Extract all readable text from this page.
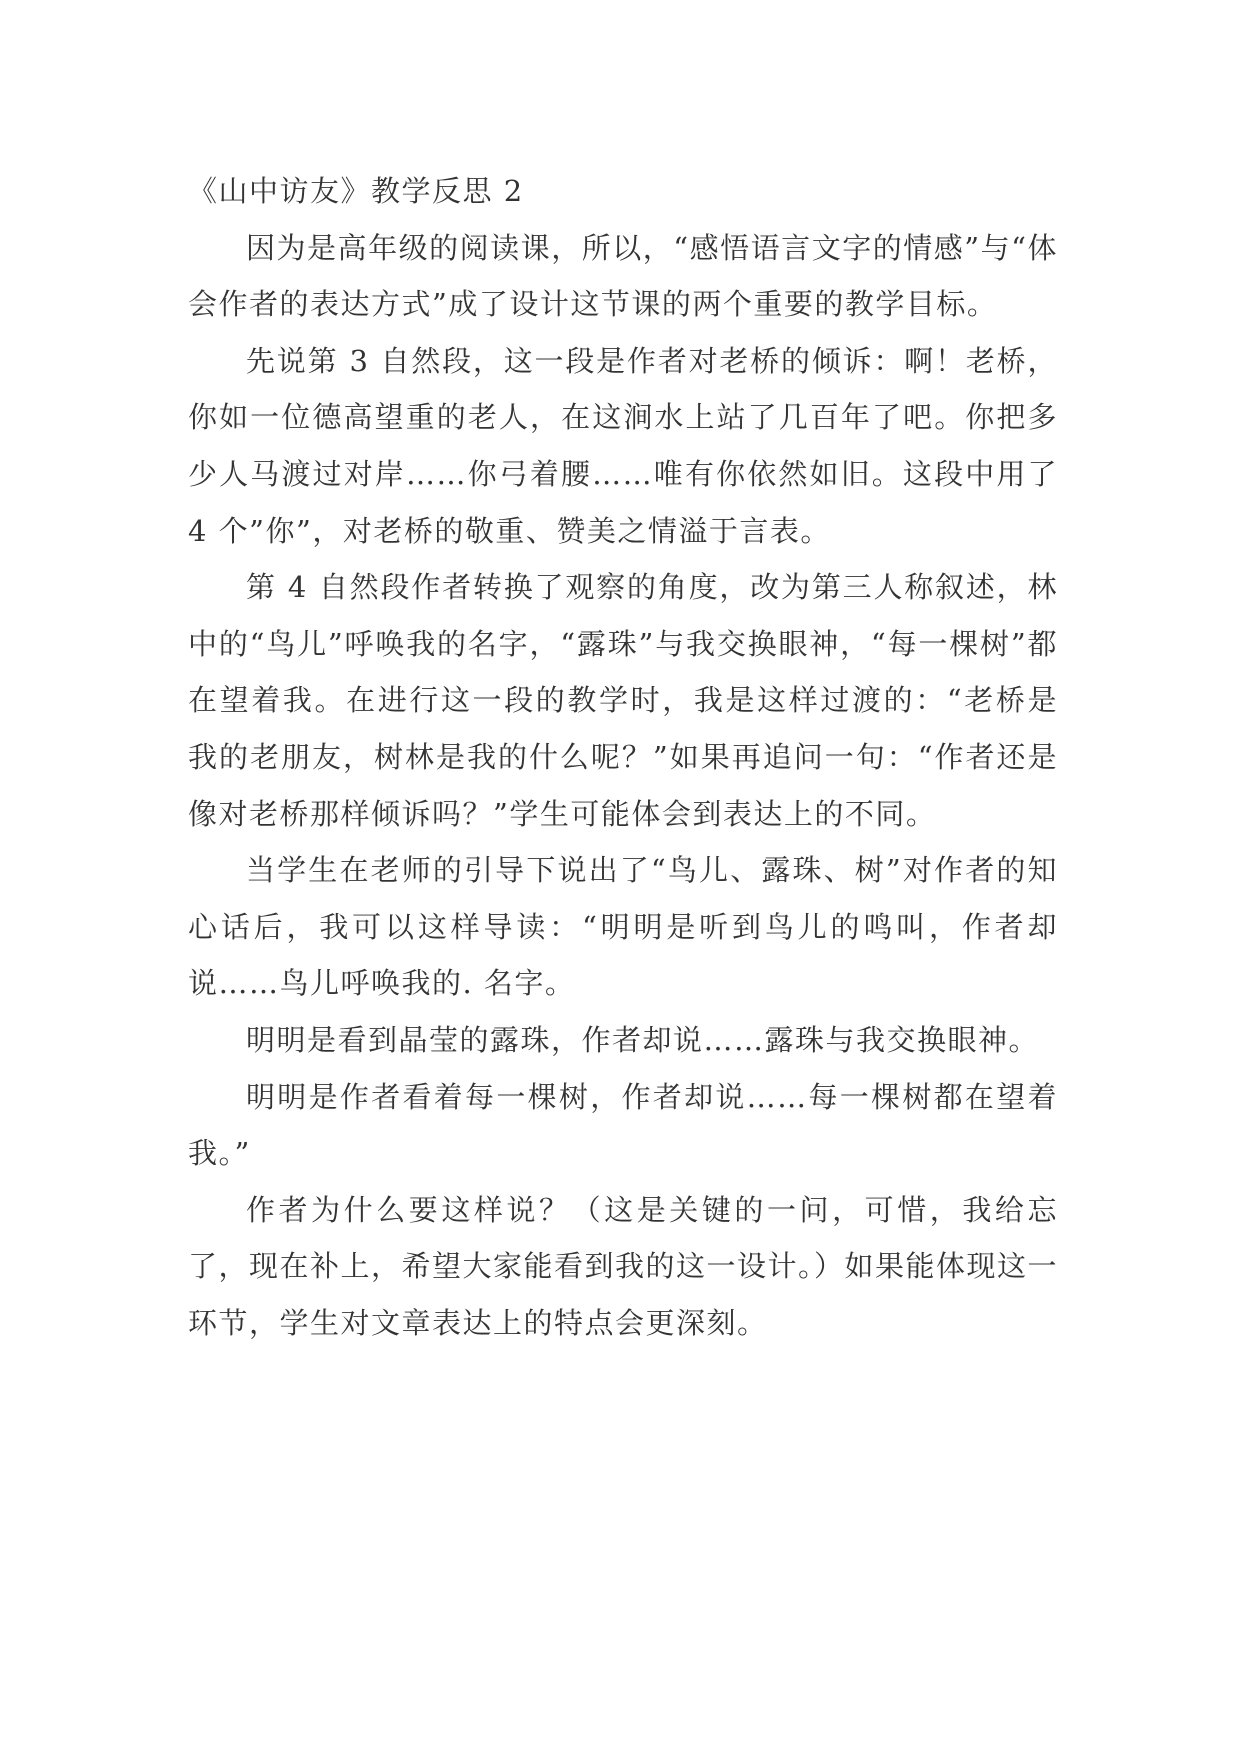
《山中访友》教学反思 2

因为是高年级的阅读课，所以，“感悟语言文字的情感”与“体会作者的表达方式”成了设计这节课的两个重要的教学目标。

先说第 3 自然段，这一段是作者对老桥的倾诉：啊！老桥，你如一位德高望重的老人，在这涧水上站了几百年了吧。你把多少人马渡过对岸……你弓着腰……唯有你依然如旧。这段中用了 4 个”你”，对老桥的敬重、赞美之情溢于言表。

第 4 自然段作者转换了观察的角度，改为第三人称叙述，林中的“鸟儿”呼唤我的名字，“露珠”与我交换眼神，“每一棵树”都在望着我。在进行这一段的教学时，我是这样过渡的：“老桥是我的老朋友，树林是我的什么呢？”如果再追问一句：“作者还是像对老桥那样倾诉吗？”学生可能体会到表达上的不同。

当学生在老师的引导下说出了“鸟儿、露珠、树”对作者的知心话后，我可以这样导读：“明明是听到鸟儿的鸣叫，作者却说……鸟儿呼唤我的. 名字。

明明是看到晶莹的露珠，作者却说……露珠与我交换眼神。

明明是作者看着每一棵树，作者却说……每一棵树都在望着我。”

作者为什么要这样说？（这是关键的一问，可惜，我给忘了，现在补上，希望大家能看到我的这一设计。）如果能体现这一环节，学生对文章表达上的特点会更深刻。
